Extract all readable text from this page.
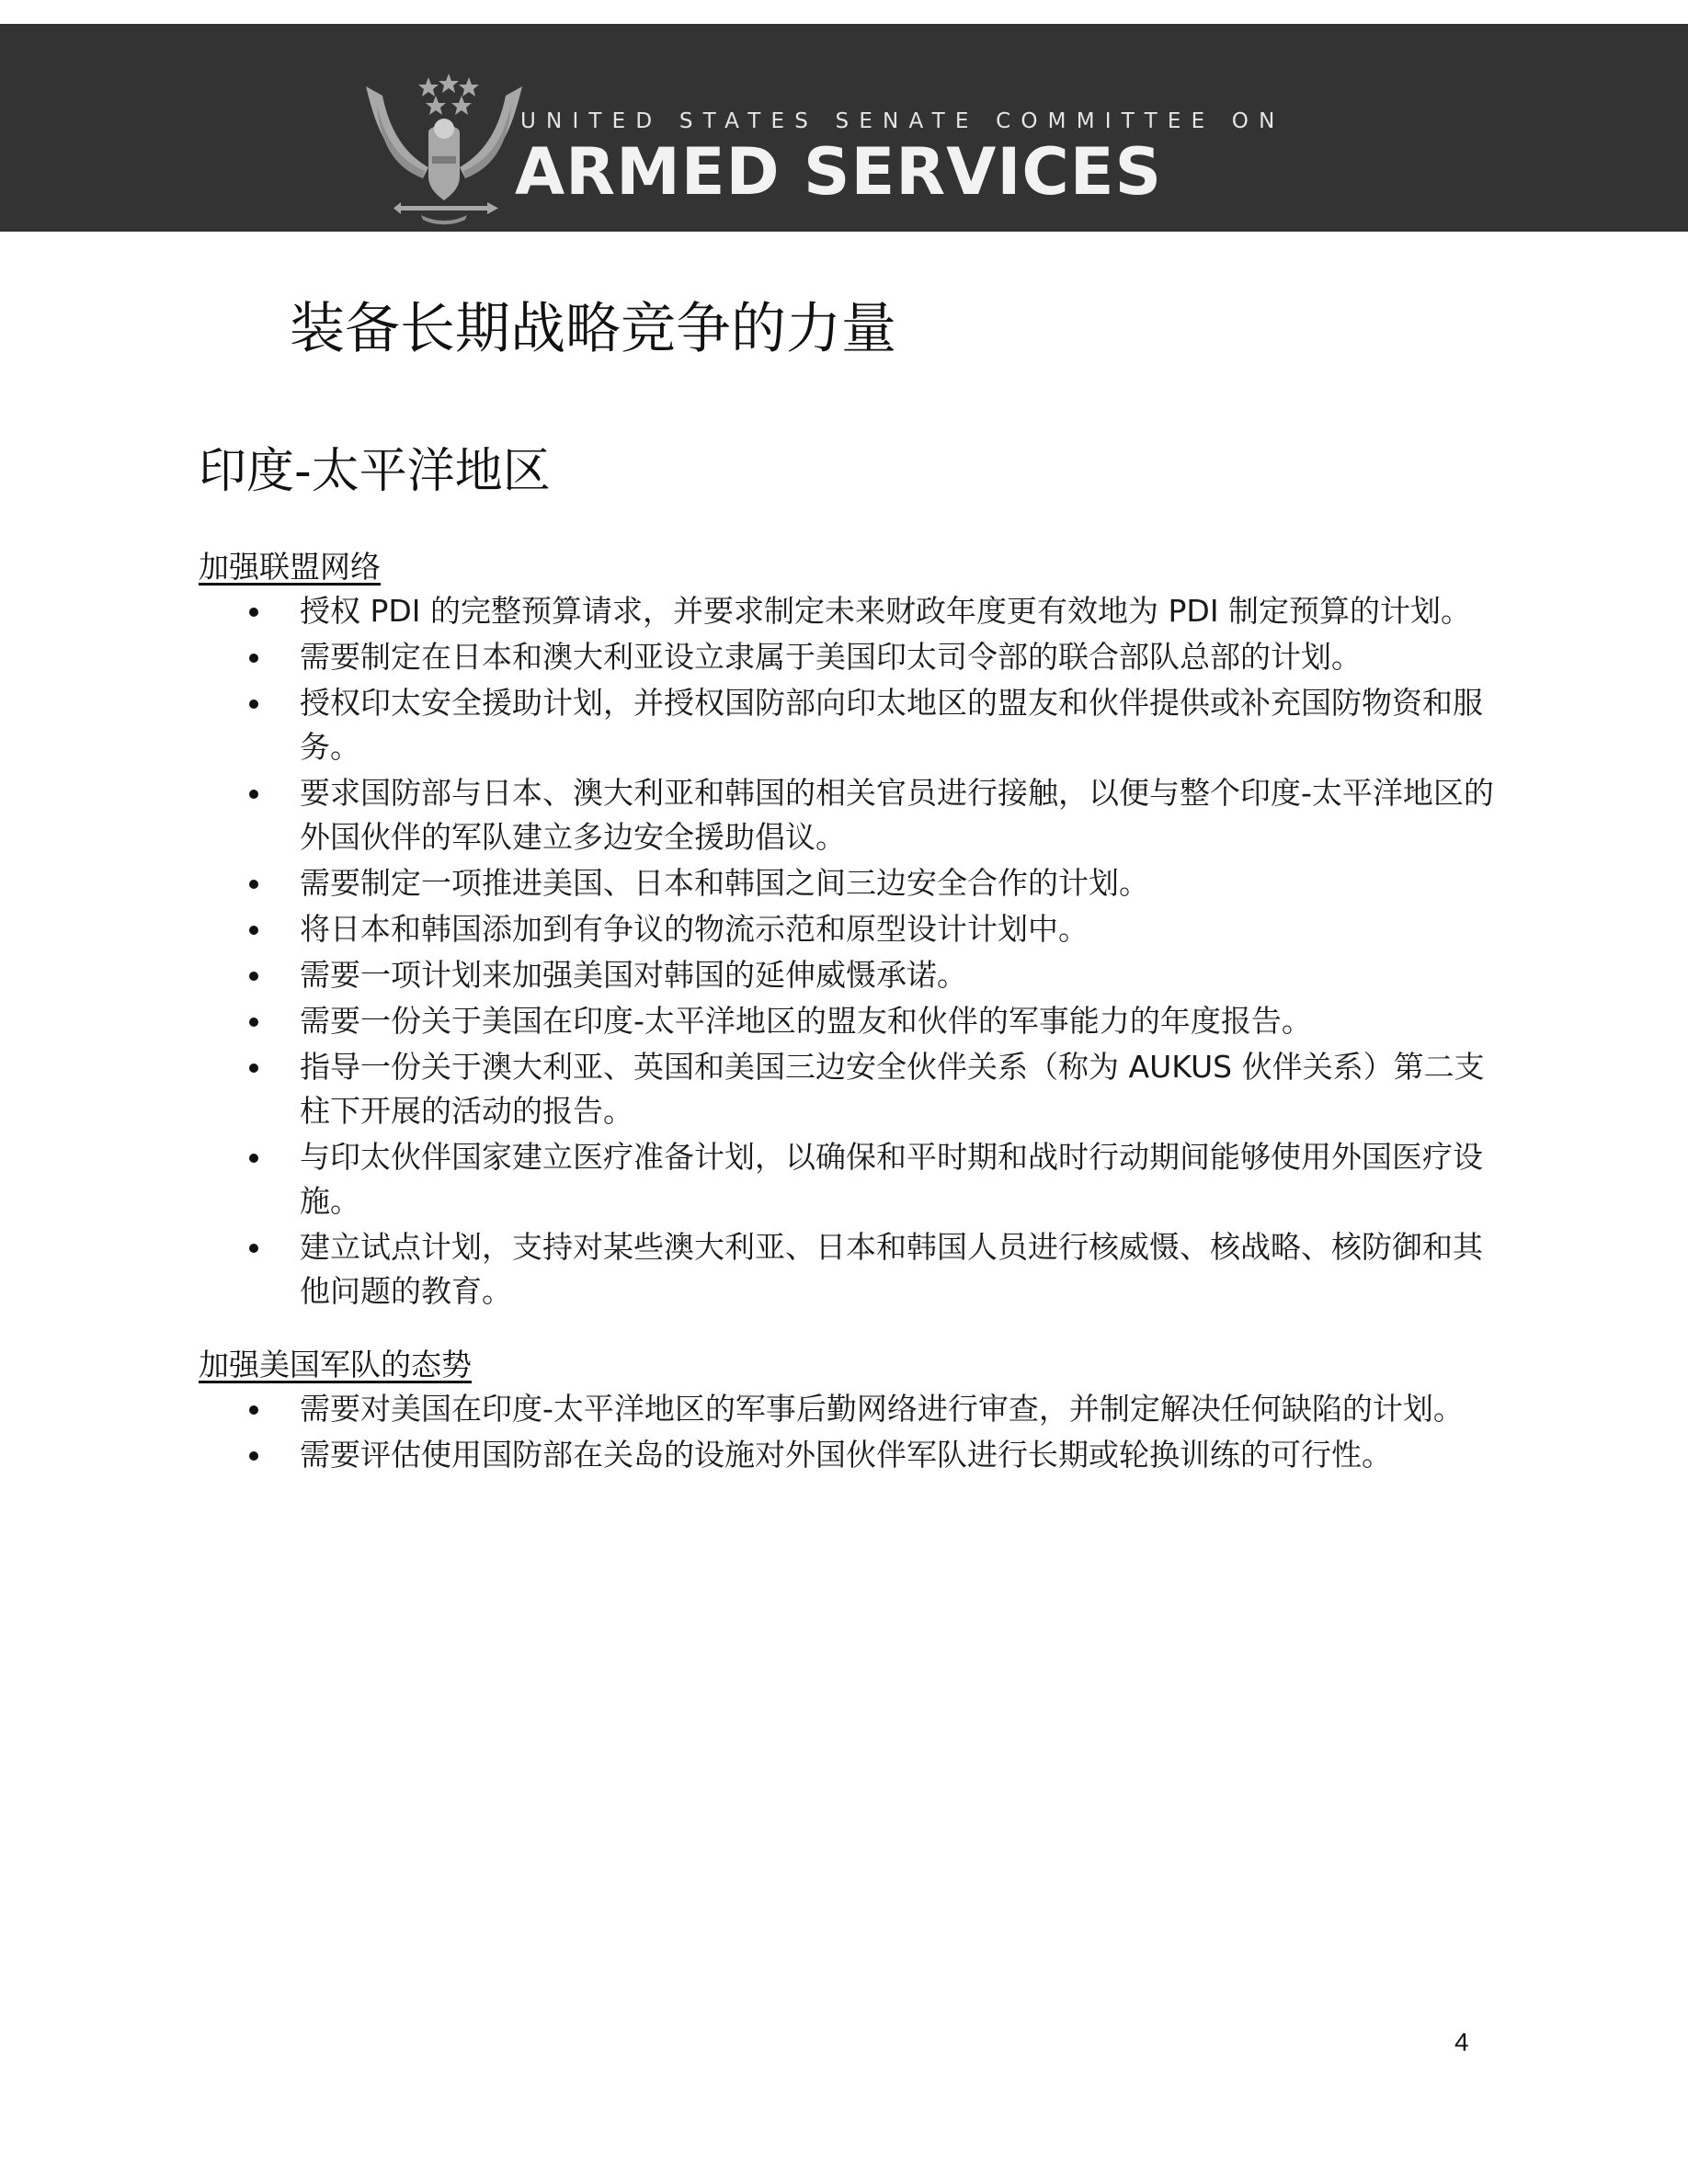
UNITED STATES SENATE COMMITTEE ON
ARMED SERVICES
装备长期战略竞争的力量
印度-太平洋地区
加强联盟网络
授权 PDI 的完整预算请求，并要求制定未来财政年度更有效地为 PDI 制定预算的计划。
需要制定在日本和澳大利亚设立隶属于美国印太司令部的联合部队总部的计划。
授权印太安全援助计划，并授权国防部向印太地区的盟友和伙伴提供或补充国防物资和服务。
要求国防部与日本、澳大利亚和韩国的相关官员进行接触，以便与整个印度-太平洋地区的外国伙伴的军队建立多边安全援助倡议。
需要制定一项推进美国、日本和韩国之间三边安全合作的计划。
将日本和韩国添加到有争议的物流示范和原型设计计划中。
需要一项计划来加强美国对韩国的延伸威慑承诺。
需要一份关于美国在印度-太平洋地区的盟友和伙伴的军事能力的年度报告。
指导一份关于澳大利亚、英国和美国三边安全伙伴关系（称为 AUKUS 伙伴关系）第二支柱下开展的活动的报告。
与印太伙伴国家建立医疗准备计划，以确保和平时期和战时行动期间能够使用外国医疗设施。
建立试点计划，支持对某些澳大利亚、日本和韩国人员进行核威慑、核战略、核防御和其他问题的教育。
加强美国军队的态势
需要对美国在印度-太平洋地区的军事后勤网络进行审查，并制定解决任何缺陷的计划。
需要评估使用国防部在关岛的设施对外国伙伴军队进行长期或轮换训练的可行性。
4
